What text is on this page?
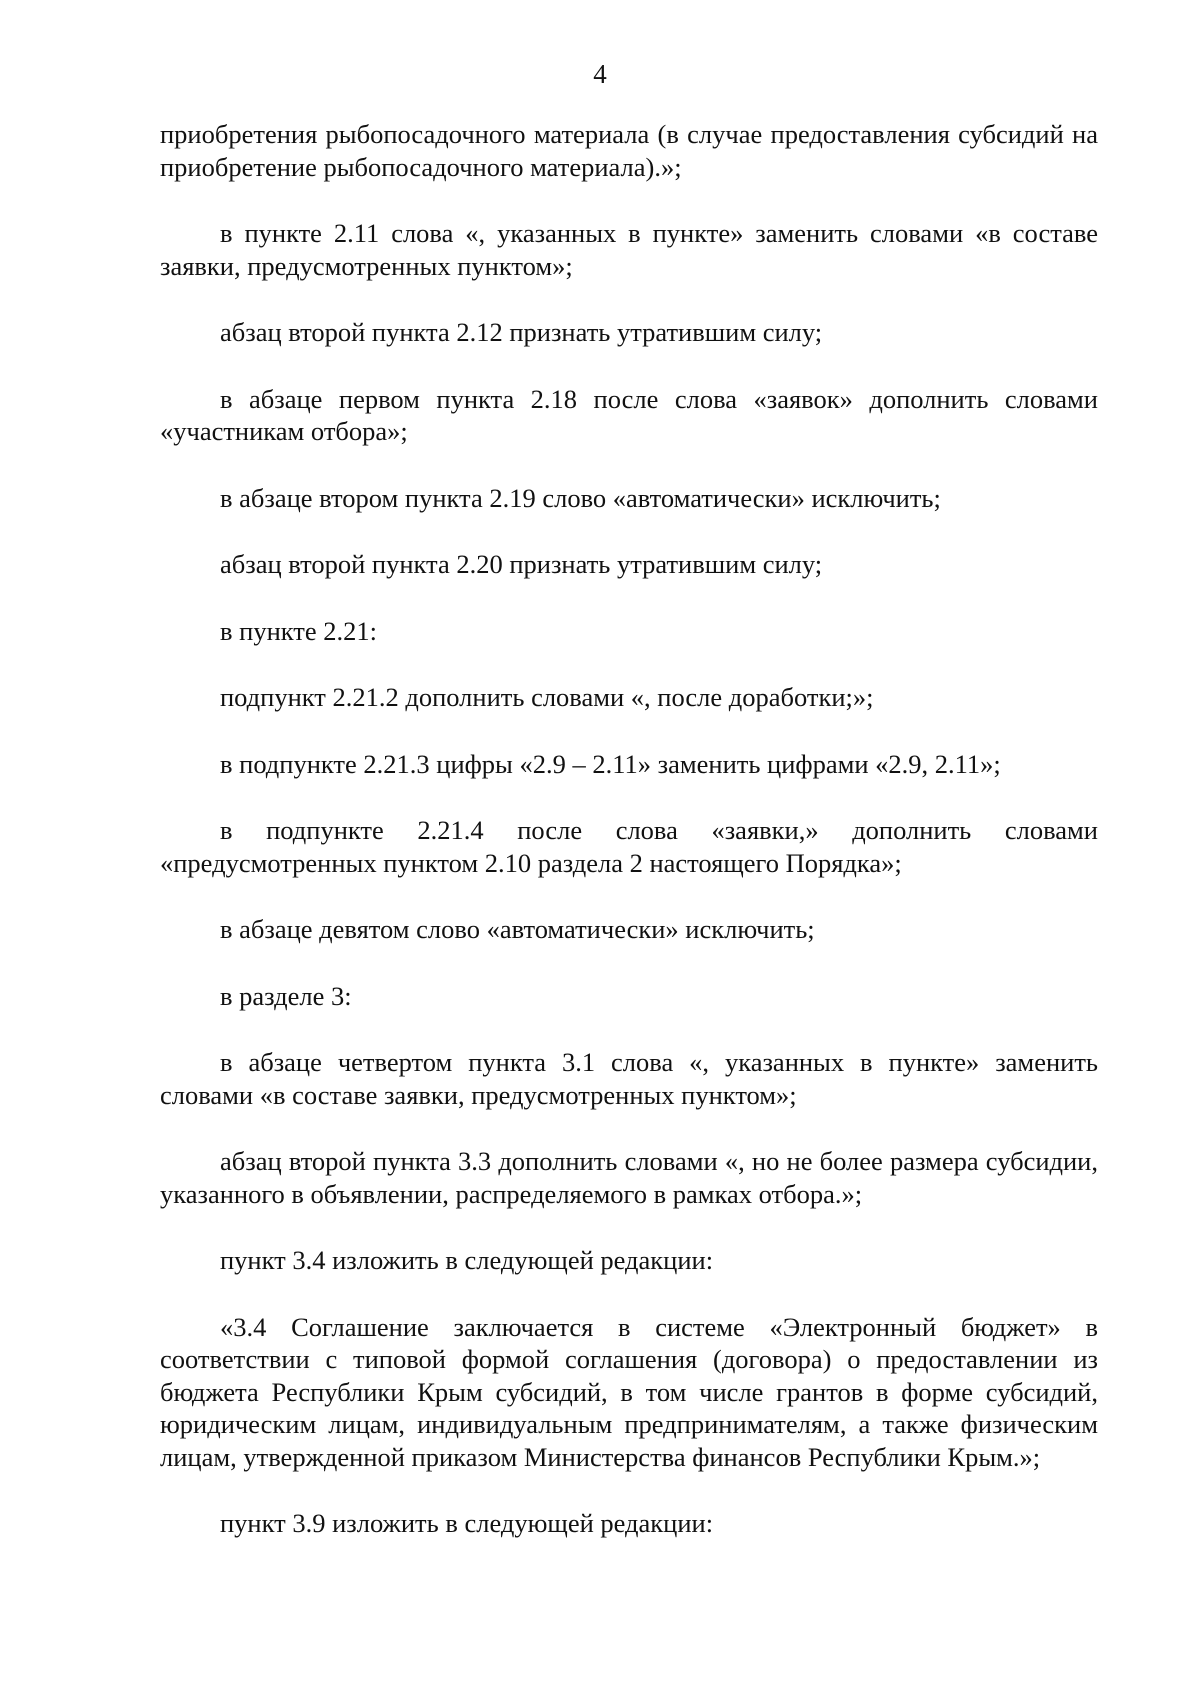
4

приобретения рыбопосадочного материала (в случае предоставления субсидий на приобретение рыбопосадочного материала).»;

в пункте 2.11 слова «, указанных в пункте» заменить словами «в составе заявки, предусмотренных пунктом»;

абзац второй пункта 2.12 признать утратившим силу;

в абзаце первом пункта 2.18 после слова «заявок» дополнить словами «участникам отбора»;

в абзаце втором пункта 2.19 слово «автоматически» исключить;

абзац второй пункта 2.20 признать утратившим силу;

в пункте 2.21:

подпункт 2.21.2 дополнить словами «, после доработки;»;

в подпункте 2.21.3 цифры «2.9 – 2.11» заменить цифрами «2.9, 2.11»;

в подпункте 2.21.4 после слова «заявки,» дополнить словами «предусмотренных пунктом 2.10 раздела 2 настоящего Порядка»;

в абзаце девятом слово «автоматически» исключить;

в разделе 3:

в абзаце четвертом пункта 3.1 слова «, указанных в пункте» заменить словами «в составе заявки, предусмотренных пунктом»;

абзац второй пункта 3.3 дополнить словами «, но не более размера субсидии, указанного в объявлении, распределяемого в рамках отбора.»;

пункт 3.4 изложить в следующей редакции:

«3.4 Соглашение заключается в системе «Электронный бюджет» в соответствии с типовой формой соглашения (договора) о предоставлении из бюджета Республики Крым субсидий, в том числе грантов в форме субсидий, юридическим лицам, индивидуальным предпринимателям, а также физическим лицам, утвержденной приказом Министерства финансов Республики Крым.»;

пункт 3.9 изложить в следующей редакции:
